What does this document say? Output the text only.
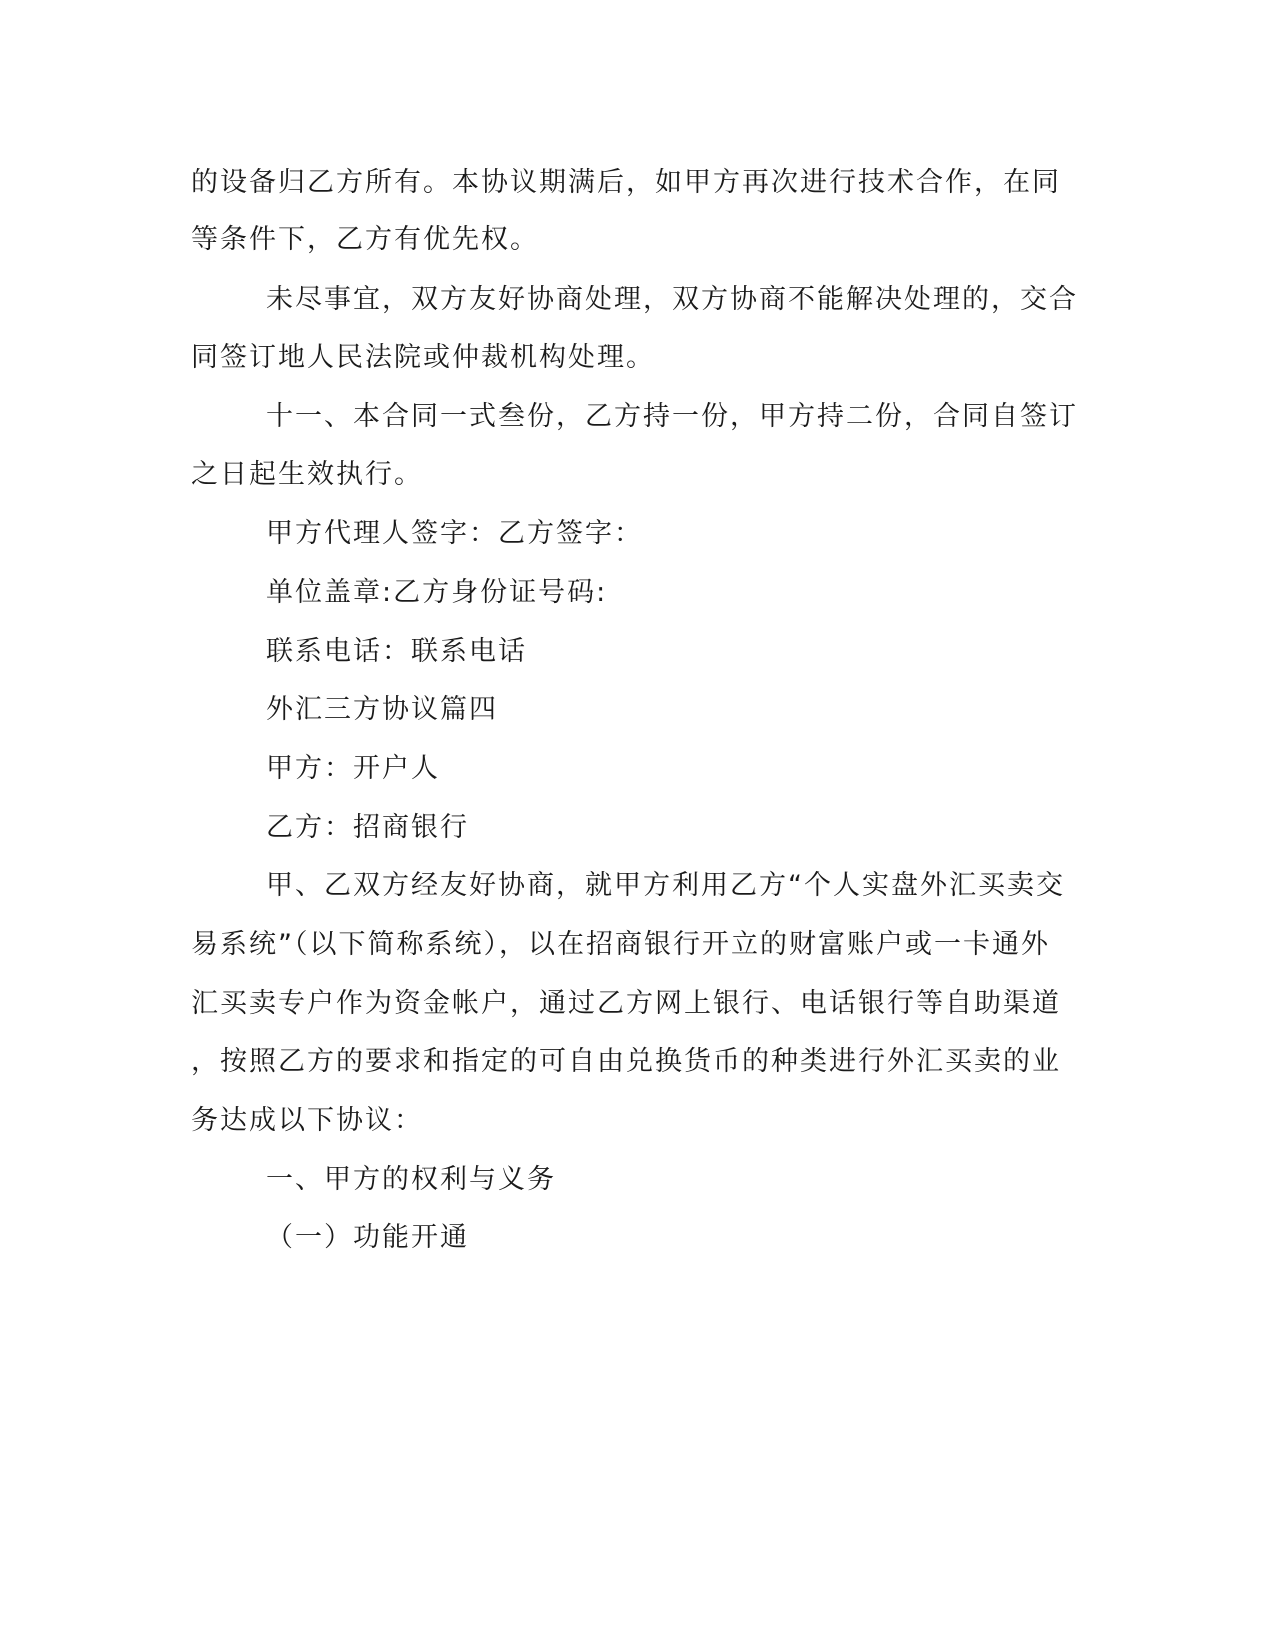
的设备归乙方所有。本协议期满后，如甲方再次进行技术合作，在同
等条件下，乙方有优先权。
未尽事宜，双方友好协商处理，双方协商不能解决处理的，交合
同签订地人民法院或仲裁机构处理。
十一、本合同一式叁份，乙方持一份，甲方持二份，合同自签订
之日起生效执行。
甲方代理人签字：乙方签字：
单位盖章:乙方身份证号码:
联系电话：联系电话
外汇三方协议篇四
甲方：开户人
乙方：招商银行
甲、乙双方经友好协商，就甲方利用乙方“个人实盘外汇买卖交
易系统”（以下简称系统），以在招商银行开立的财富账户或一卡通外
汇买卖专户作为资金帐户，通过乙方网上银行、电话银行等自助渠道
，按照乙方的要求和指定的可自由兑换货币的种类进行外汇买卖的业
务达成以下协议：
一、甲方的权利与义务
（一）功能开通
